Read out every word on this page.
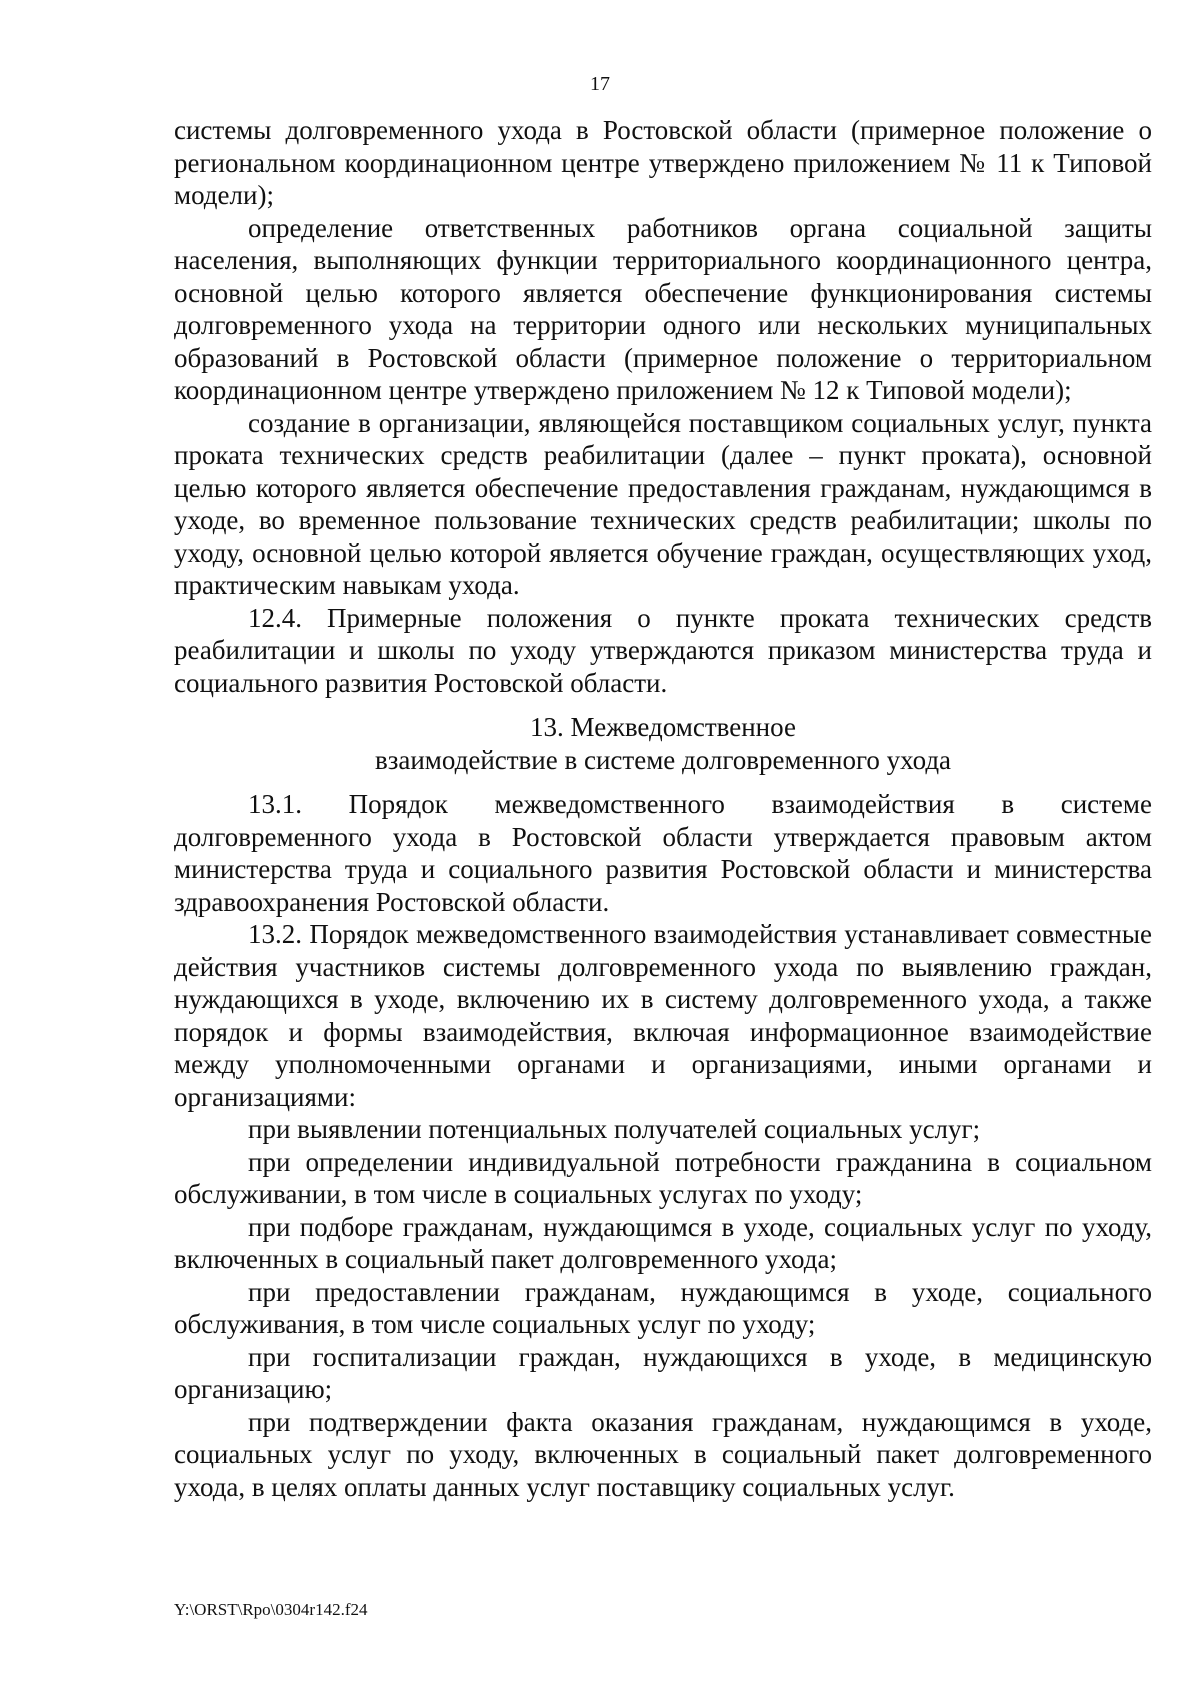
17

системы долговременного ухода в Ростовской области (примерное положение о региональном координационном центре утверждено приложением № 11 к Типовой модели);

определение ответственных работников органа социальной защиты населения, выполняющих функции территориального координационного центра, основной целью которого является обеспечение функционирования системы долговременного ухода на территории одного или нескольких муниципальных образований в Ростовской области (примерное положение о территориальном координационном центре утверждено приложением № 12 к Типовой модели);

создание в организации, являющейся поставщиком социальных услуг, пункта проката технических средств реабилитации (далее – пункт проката), основной целью которого является обеспечение предоставления гражданам, нуждающимся в уходе, во временное пользование технических средств реабилитации; школы по уходу, основной целью которой является обучение граждан, осуществляющих уход, практическим навыкам ухода.

12.4. Примерные положения о пункте проката технических средств реабилитации и школы по уходу утверждаются приказом министерства труда и социального развития Ростовской области.

13. Межведомственное

взаимодействие в системе долговременного ухода

13.1. Порядок межведомственного взаимодействия в системе долговременного ухода в Ростовской области утверждается правовым актом министерства труда и социального развития Ростовской области и министерства здравоохранения Ростовской области.

13.2. Порядок межведомственного взаимодействия устанавливает совместные действия участников системы долговременного ухода по выявлению граждан, нуждающихся в уходе, включению их в систему долговременного ухода, а также порядок и формы взаимодействия, включая информационное взаимодействие между уполномоченными органами и организациями, иными органами и организациями:

при выявлении потенциальных получателей социальных услуг;

при определении индивидуальной потребности гражданина в социальном обслуживании, в том числе в социальных услугах по уходу;

при подборе гражданам, нуждающимся в уходе, социальных услуг по уходу, включенных в социальный пакет долговременного ухода;

при предоставлении гражданам, нуждающимся в уходе, социального обслуживания, в том числе социальных услуг по уходу;

при госпитализации граждан, нуждающихся в уходе, в медицинскую организацию;

при подтверждении факта оказания гражданам, нуждающимся в уходе, социальных услуг по уходу, включенных в социальный пакет долговременного ухода, в целях оплаты данных услуг поставщику социальных услуг.

Y:\ORST\Rpo\0304r142.f24
